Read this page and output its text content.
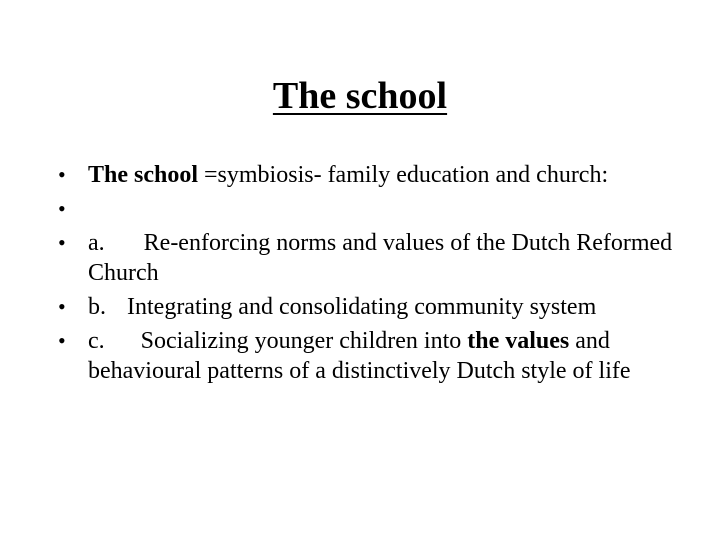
The school
• The school =symbiosis- family education and church:
•
• a. Re-enforcing norms and values of the Dutch Reformed Church
• b. Integrating and consolidating community system
• c. Socializing younger children into the values and behavioural patterns of a distinctively Dutch style of life
